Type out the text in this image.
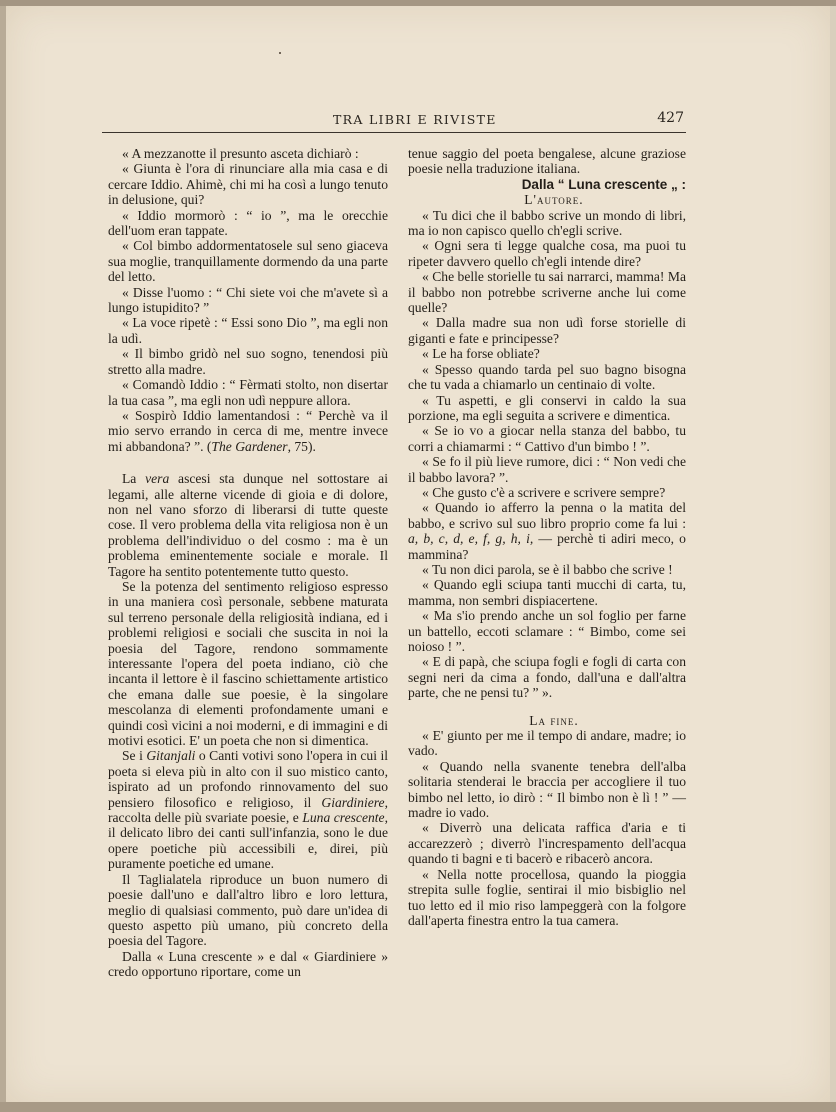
TRA LIBRI E RIVISTE	427

« A mezzanotte il presunto asceta dichiarò :

« Giunta è l'ora di rinunciare alla mia casa e di cercare Iddio. Ahimè, chi mi ha così a lungo tenuto in delusione, qui?

« Iddio mormorò : “ io ”, ma le orecchie dell'uom eran tappate.

« Col bimbo addormentatosele sul seno giaceva sua moglie, tranquillamente dormendo da una parte del letto.

« Disse l'uomo : “ Chi siete voi che m'avete sì a lungo istupidito? ”

« La voce ripetè : “ Essi sono Dio ”, ma egli non la udì.

« Il bimbo gridò nel suo sogno, tenendosi più stretto alla madre.

« Comandò Iddio : “ Fèrmati stolto, non disertar la tua casa ”, ma egli non udì neppure allora.

« Sospirò Iddio lamentandosi : “ Perchè va il mio servo errando in cerca di me, mentre invece mi abbandona? ”. (The Gardener, 75).

La vera ascesi sta dunque nel sottostare ai legami, alle alterne vicende di gioia e di dolore, non nel vano sforzo di liberarsi di tutte queste cose. Il vero problema della vita religiosa non è un problema dell'individuo o del cosmo : ma è un problema eminentemente sociale e morale. Il Tagore ha sentito potentemente tutto questo.

Se la potenza del sentimento religioso espresso in una maniera così personale, sebbene maturata sul terreno personale della religiosità indiana, ed i problemi religiosi e sociali che suscita in noi la poesia del Tagore, rendono sommamente interessante l'opera del poeta indiano, ciò che incanta il lettore è il fascino schiettamente artistico che emana dalle sue poesie, è la singolare mescolanza di elementi profondamente umani e quindi così vicini a noi moderni, e di immagini e di motivi esotici. E' un poeta che non si dimentica.

Se i Gitanjali o Canti votivi sono l'opera in cui il poeta si eleva più in alto con il suo mistico canto, ispirato ad un profondo rinnovamento del suo pensiero filosofico e religioso, il Giardiniere, raccolta delle più svariate poesie, e Luna crescente, il delicato libro dei canti sull'infanzia, sono le due opere poetiche più accessibili e, direi, più puramente poetiche ed umane.

Il Taglialatela riproduce un buon numero di poesie dall'uno e dall'altro libro e loro lettura, meglio di qualsiasi commento, può dare un'idea di questo aspetto più umano, più concreto della poesia del Tagore.

Dalla « Luna crescente » e dal « Giardiniere » credo opportuno riportare, come un

tenue saggio del poeta bengalese, alcune graziose poesie nella traduzione italiana.

Dalla “ Luna crescente „ :

L'autore.

« Tu dici che il babbo scrive un mondo di libri, ma io non capisco quello ch'egli scrive.

« Ogni sera ti legge qualche cosa, ma puoi tu ripeter davvero quello ch'egli intende dire?

« Che belle storielle tu sai narrarci, mamma! Ma il babbo non potrebbe scriverne anche lui come quelle?

« Dalla madre sua non udì forse storielle di giganti e fate e principesse?

« Le ha forse obliate?

« Spesso quando tarda pel suo bagno bisogna che tu vada a chiamarlo un centinaio di volte.

« Tu aspetti, e gli conservi in caldo la sua porzione, ma egli seguita a scrivere e dimentica.

« Se io vo a giocar nella stanza del babbo, tu corri a chiamarmi : “ Cattivo d'un bimbo ! ”.

« Se fo il più lieve rumore, dici : “ Non vedi che il babbo lavora? ”.

« Che gusto c'è a scrivere e scrivere sempre?

« Quando io afferro la penna o la matita del babbo, e scrivo sul suo libro proprio come fa lui : a, b, c, d, e, f, g, h, i, — perchè ti adiri meco, o mammina?

« Tu non dici parola, se è il babbo che scrive !

« Quando egli sciupa tanti mucchi di carta, tu, mamma, non sembri dispiacertene.

« Ma s'io prendo anche un sol foglio per farne un battello, eccoti sclamare : “ Bimbo, come sei noioso ! ”.

« E di papà, che sciupa fogli e fogli di carta con segni neri da cima a fondo, dall'una e dall'altra parte, che ne pensi tu? ” ».

La fine.

« E' giunto per me il tempo di andare, madre; io vado.

« Quando nella svanente tenebra dell'alba solitaria stenderai le braccia per accogliere il tuo bimbo nel letto, io dirò : “ Il bimbo non è lì ! ” — madre io vado.

« Diverrò una delicata raffica d'aria e ti accarezzerò ; diverrò l'increspamento dell'acqua quando ti bagni e ti bacerò e ribacerò ancora.

« Nella notte procellosa, quando la pioggia strepita sulle foglie, sentirai il mio bisbiglio nel tuo letto ed il mio riso lampeggerà con la folgore dall'aperta finestra entro la tua camera.
